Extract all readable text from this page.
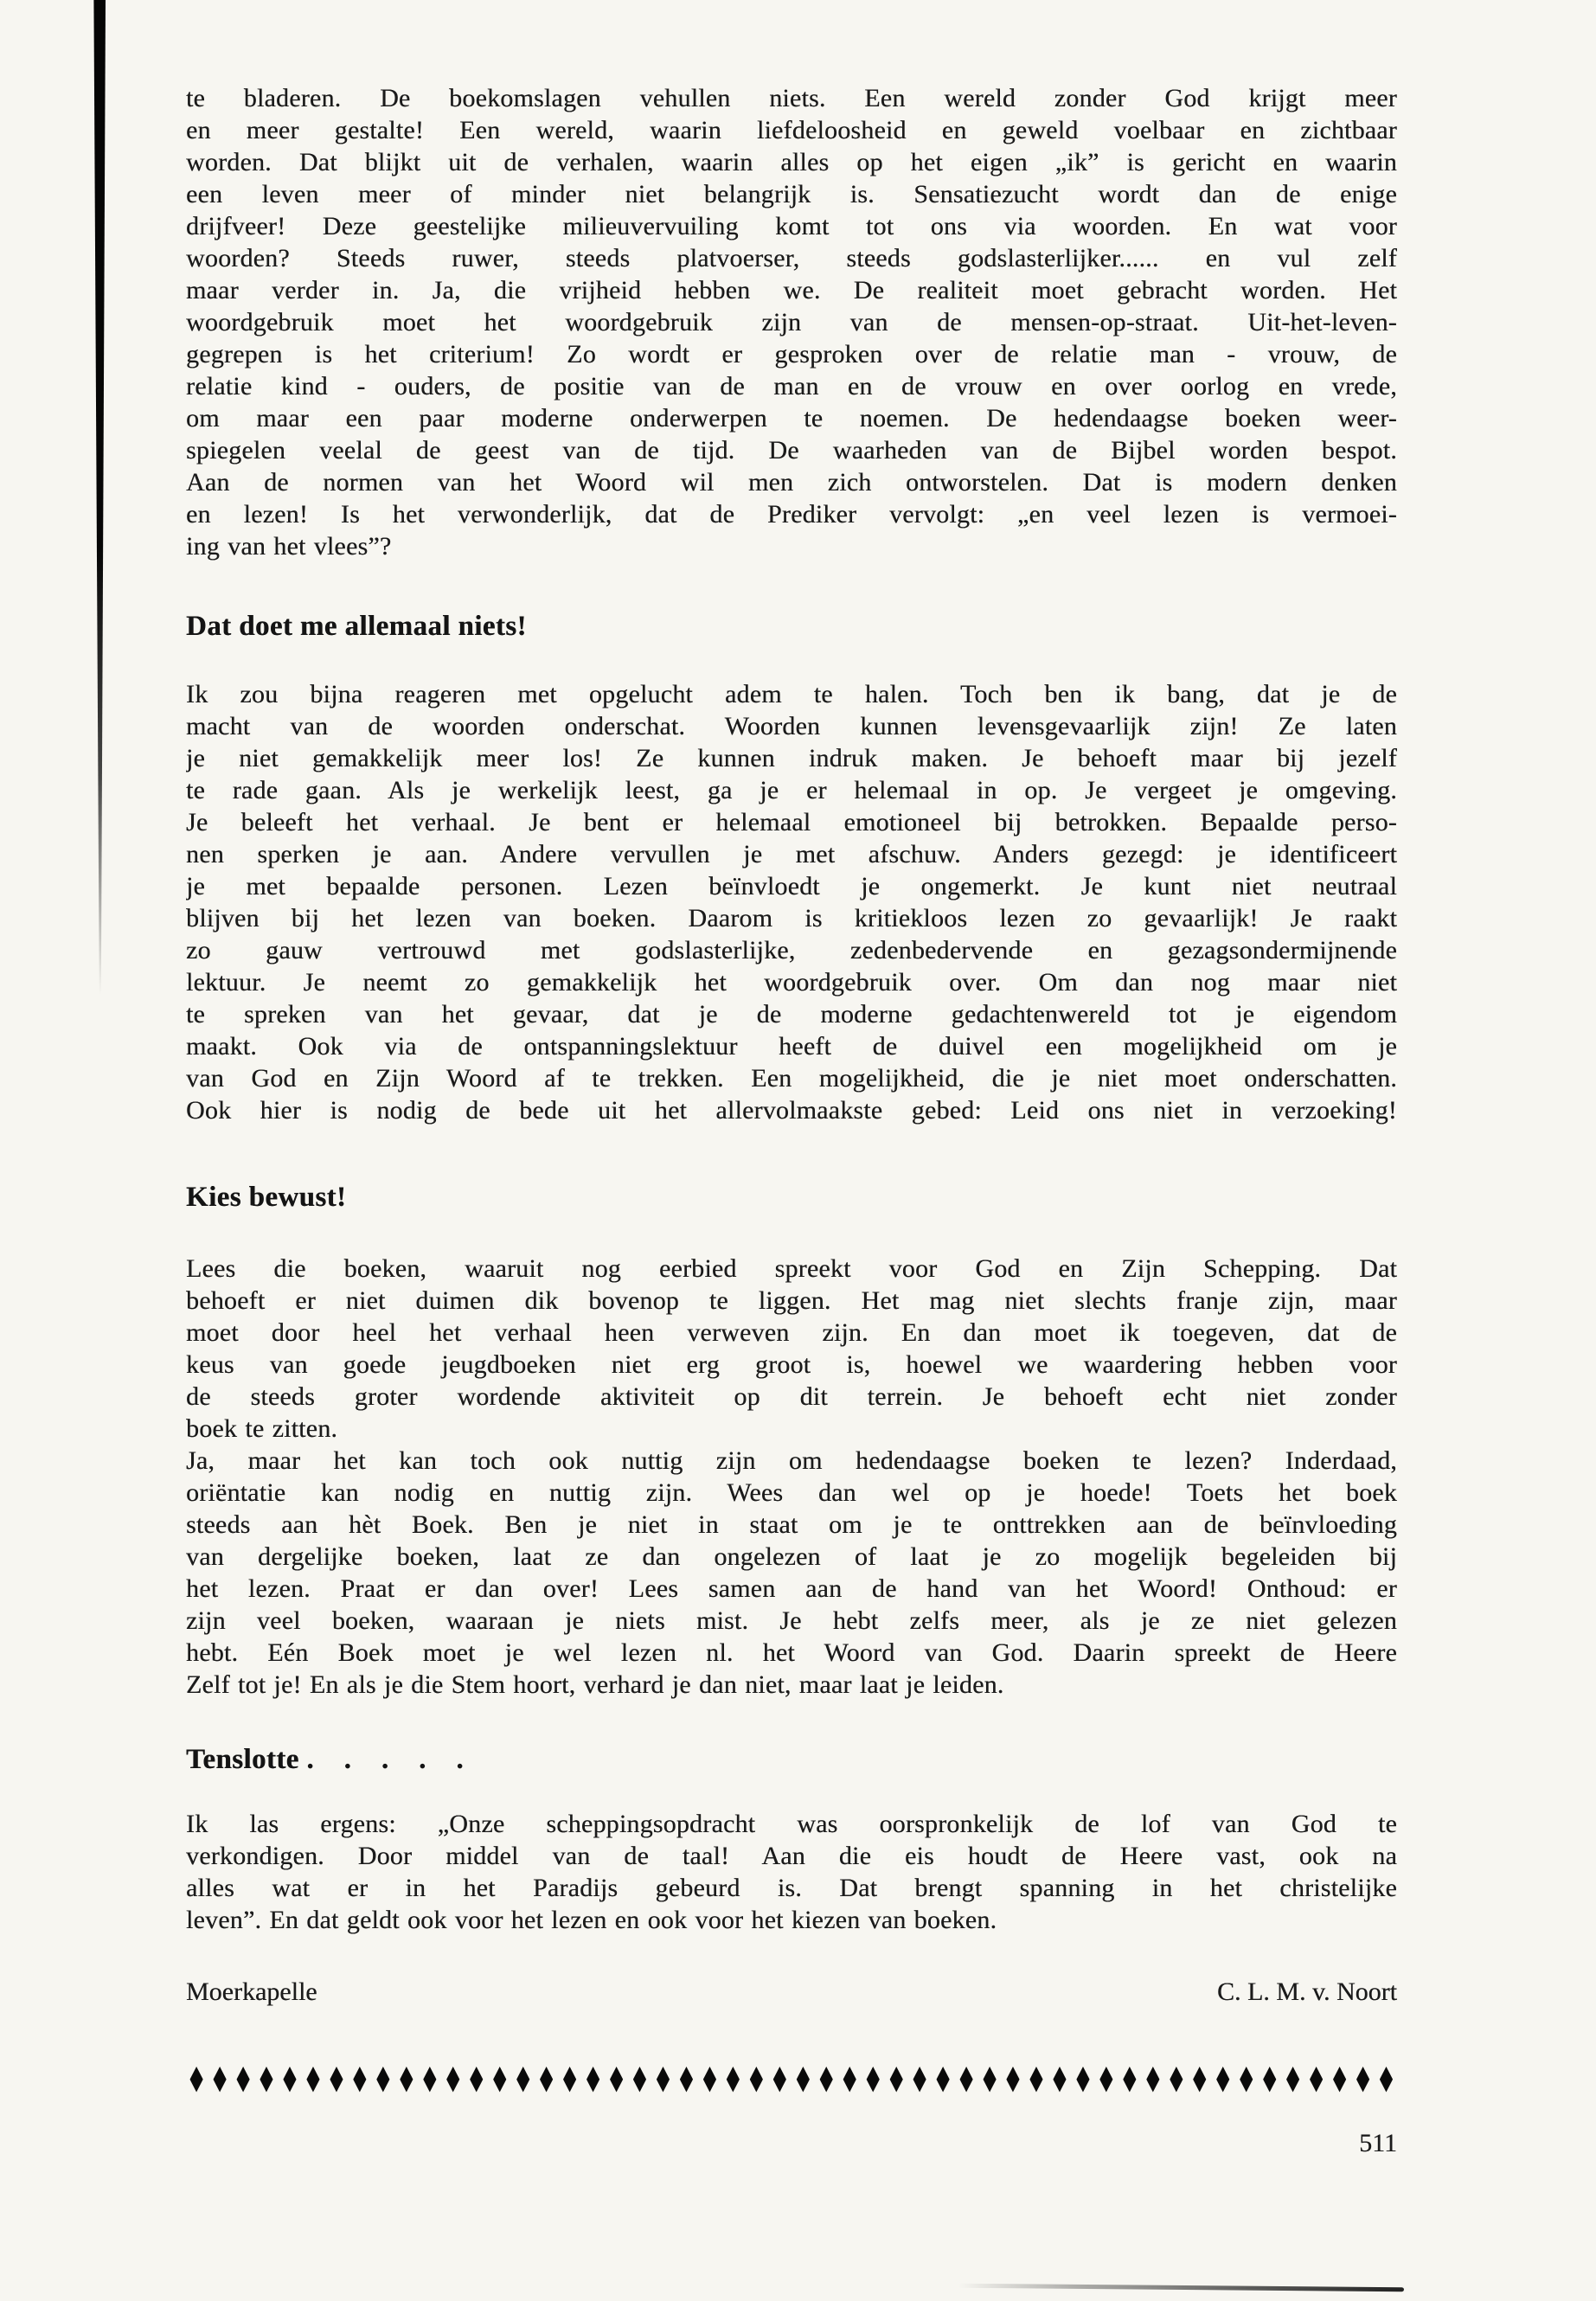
te bladeren. De boekomslagen vehullen niets. Een wereld zonder God krijgt meer
en meer gestalte! Een wereld, waarin liefdeloosheid en geweld voelbaar en zichtbaar
worden. Dat blijkt uit de verhalen, waarin alles op het eigen „ik” is gericht en waarin
een leven meer of minder niet belangrijk is. Sensatiezucht wordt dan de enige
drijfveer! Deze geestelijke milieuvervuiling komt tot ons via woorden. En wat voor
woorden? Steeds ruwer, steeds platvoerser, steeds godslasterlijker...... en vul zelf
maar verder in. Ja, die vrijheid hebben we. De realiteit moet gebracht worden. Het
woordgebruik moet het woordgebruik zijn van de mensen-op-straat. Uit-het-leven-
gegrepen is het criterium! Zo wordt er gesproken over de relatie man - vrouw, de
relatie kind - ouders, de positie van de man en de vrouw en over oorlog en vrede,
om maar een paar moderne onderwerpen te noemen. De hedendaagse boeken weer-
spiegelen veelal de geest van de tijd. De waarheden van de Bijbel worden bespot.
Aan de normen van het Woord wil men zich ontworstelen. Dat is modern denken
en lezen! Is het verwonderlijk, dat de Prediker vervolgt: „en veel lezen is vermoei-
ing van het vlees”?
Dat doet me allemaal niets!
Ik zou bijna reageren met opgelucht adem te halen. Toch ben ik bang, dat je de
macht van de woorden onderschat. Woorden kunnen levensgevaarlijk zijn! Ze laten
je niet gemakkelijk meer los! Ze kunnen indruk maken. Je behoeft maar bij jezelf
te rade gaan. Als je werkelijk leest, ga je er helemaal in op. Je vergeet je omgeving.
Je beleeft het verhaal. Je bent er helemaal emotioneel bij betrokken. Bepaalde perso-
nen sperken je aan. Andere vervullen je met afschuw. Anders gezegd: je identificeert
je met bepaalde personen. Lezen beïnvloedt je ongemerkt. Je kunt niet neutraal
blijven bij het lezen van boeken. Daarom is kritiekloos lezen zo gevaarlijk! Je raakt
zo gauw vertrouwd met godslasterlijke, zedenbedervende en gezagsondermijnende
lektuur. Je neemt zo gemakkelijk het woordgebruik over. Om dan nog maar niet
te spreken van het gevaar, dat je de moderne gedachtenwereld tot je eigendom
maakt. Ook via de ontspanningslektuur heeft de duivel een mogelijkheid om je
van God en Zijn Woord af te trekken. Een mogelijkheid, die je niet moet onderschatten.
Ook hier is nodig de bede uit het allervolmaakste gebed: Leid ons niet in verzoeking!
Kies bewust!
Lees die boeken, waaruit nog eerbied spreekt voor God en Zijn Schepping. Dat
behoeft er niet duimen dik bovenop te liggen. Het mag niet slechts franje zijn, maar
moet door heel het verhaal heen verweven zijn. En dan moet ik toegeven, dat de
keus van goede jeugdboeken niet erg groot is, hoewel we waardering hebben voor
de steeds groter wordende aktiviteit op dit terrein. Je behoeft echt niet zonder
boek te zitten.
Ja, maar het kan toch ook nuttig zijn om hedendaagse boeken te lezen? Inderdaad,
oriëntatie kan nodig en nuttig zijn. Wees dan wel op je hoede! Toets het boek
steeds aan hèt Boek. Ben je niet in staat om je te onttrekken aan de beïnvloeding
van dergelijke boeken, laat ze dan ongelezen of laat je zo mogelijk begeleiden bij
het lezen. Praat er dan over! Lees samen aan de hand van het Woord! Onthoud: er
zijn veel boeken, waaraan je niets mist. Je hebt zelfs meer, als je ze niet gelezen
hebt. Eén Boek moet je wel lezen nl. het Woord van God. Daarin spreekt de Heere
Zelf tot je! En als je die Stem hoort, verhard je dan niet, maar laat je leiden.
Tenslotte .    .    .    .    .
Ik las ergens: „Onze scheppingsopdracht was oorspronkelijk de lof van God te
verkondigen. Door middel van de taal! Aan die eis houdt de Heere vast, ook na
alles wat er in het Paradijs gebeurd is. Dat brengt spanning in het christelijke
leven”. En dat geldt ook voor het lezen en ook voor het kiezen van boeken.
Moerkapelle	C. L. M. v. Noort
♦ ♦ ♦ ♦ ♦ ♦ ♦ ♦ ♦ ♦ ♦ ♦ ♦ ♦ ♦ ♦ ♦ ♦ ♦ ♦ ♦ ♦ ♦ ♦ ♦ ♦ ♦ ♦ ♦ ♦ ♦ ♦ ♦ ♦ ♦ ♦ ♦ ♦ ♦ ♦ ♦ ♦ ♦ ♦ ♦ ♦ ♦ ♦ ♦ ♦ ♦ ♦
511
